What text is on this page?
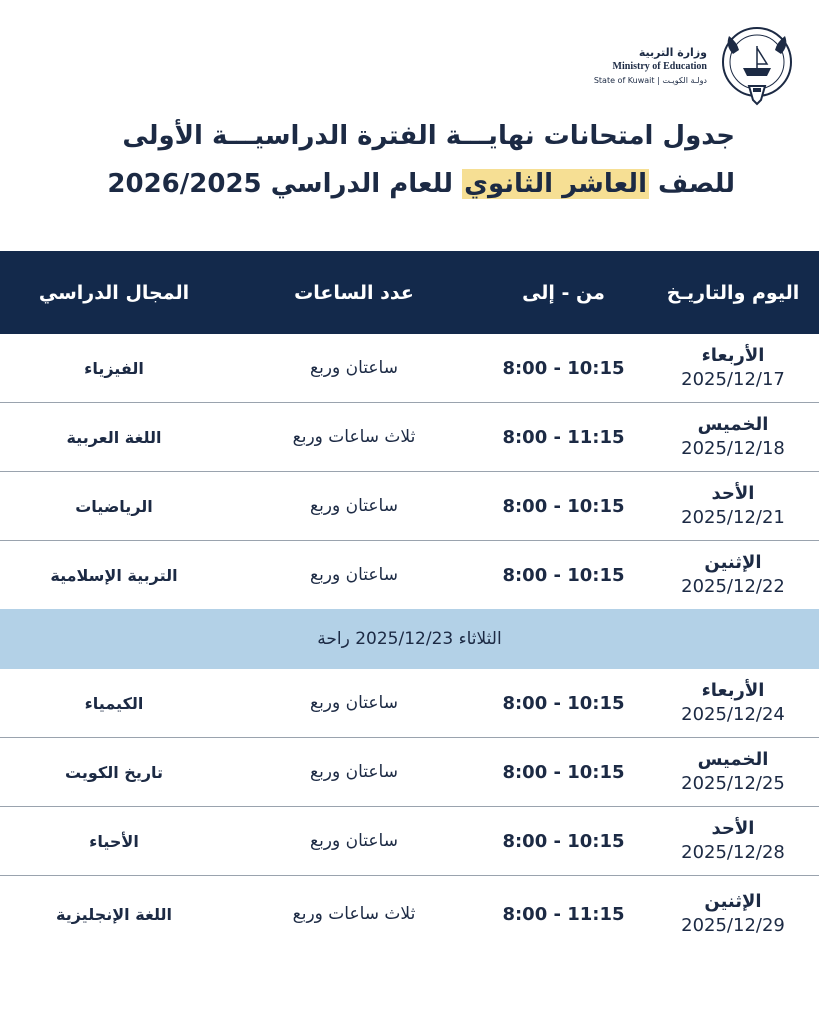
وزارة التربية
Ministry of Education
State of Kuwait | دولـة الكويـت
جدول امتحانات نهايـــة الفترة الدراسيـــة الأولى
للصف العاشر الثانوي للعام الدراسي 2026/2025
اليوم والتاريـخ	من - إلى	عدد الساعات	المجال الدراسي

الأربعاء
2025/12/17	8:00 - 10:15	ساعتان وربع	الفيزياء

الخميس
2025/12/18	8:00 - 11:15	ثلاث ساعات وربع	اللغة العربية

الأحد
2025/12/21	8:00 - 10:15	ساعتان وربع	الرياضيات

الإثنين
2025/12/22	8:00 - 10:15	ساعتان وربع	التربية الإسلامية
الثلاثاء 2025/12/23 راحة			

الأربعاء
2025/12/24	8:00 - 10:15	ساعتان وربع	الكيمياء

الخميس
2025/12/25	8:00 - 10:15	ساعتان وربع	تاريخ الكويت

الأحد
2025/12/28	8:00 - 10:15	ساعتان وربع	الأحياء

الإثنين
2025/12/29	8:00 - 11:15	ثلاث ساعات وربع	اللغة الإنجليزية
